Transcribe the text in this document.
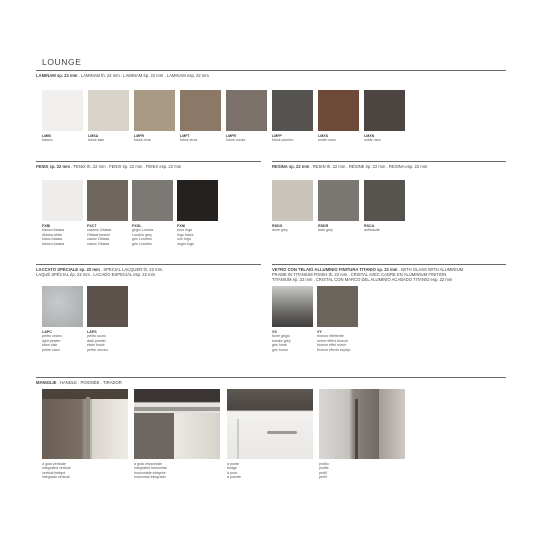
LOUNGE
LAMINAM sp. 22 mm . LAMINAM th. 22 mm . LAMINAM ép. 22 mm . LAMINAM esp. 22 mm
LMBI
bianco
LMSA
fokos sale
LMFR
fokos rena
LMFT
fokos terra
LMFR
fokos roccia
LMFP
fokos piombo
LMXS
oxide moro
LMXN
oxide nero
FENIX sp. 22 mm . FENIX th. 22 mm . FENIX ép. 22 mm . FENIX esp. 22 mm
FXBI
bianco Alaska
Alaska white
blanc Alaska
blanco Alaska
FXCT
castoro Ottawa
Ottawa beaver
castor Ottawa
castor Ottawa
FXGL
grigio Londra
London grey
gris Londres
gris Londres
FXNI
nero Ingo
Ingo black
noir Ingo
negro Ingo
RESINA sp. 22 mm . RESIN th. 22 mm . RÉSINE ép. 22 mm . RESINA esp. 22 mm
RSDG
dove grey
RSDR
dark grey
RSCA
anthracite
LACCATO SPECIALE sp. 22 mm . SPECIAL LACQUER th. 22 mm .
LAQUÉ SPÉCIAL ép. 22 mm . LACADO ESPECIAL esp. 22 mm
LAPC
peltro chiaro
light pewter
étain clair
peltre claro
LAPS
peltro scuro
dark pewter
étain foncé
peltre oscuro
VETRO CON TELAIO ALLUMINIO FINITURA TITANIO sp. 22 mm . WITH GLASS WITH ALUMINIUM
FRAME IN TITANIUM FINISH th. 22 mm . CRISTAL AVEC CADRE EN ALUMINIUM FINITION
TITANIUM ép. 22 mm . CRISTAL CON MARCO DEL ALUMINIO ACABADO TITANIO esp. 22 mm
VS
fumé grigio
smoke grey
gris fumé
gris humo
VY
bronzo riflettente
mirror effect bronze
bronze effet miroir
bronce efecto espejo
MANIGLIE . HANDLE . POIGNÉE . TIRADOR
a gola verticale
integrated vertical
vertical intégré
integrado vertical
a gola orizzontale
integrated horizontal
horizontale intégrée
horizontal integrado
a ponte
bridge
à pont
a puente
profilo
profile
profil
perfil
